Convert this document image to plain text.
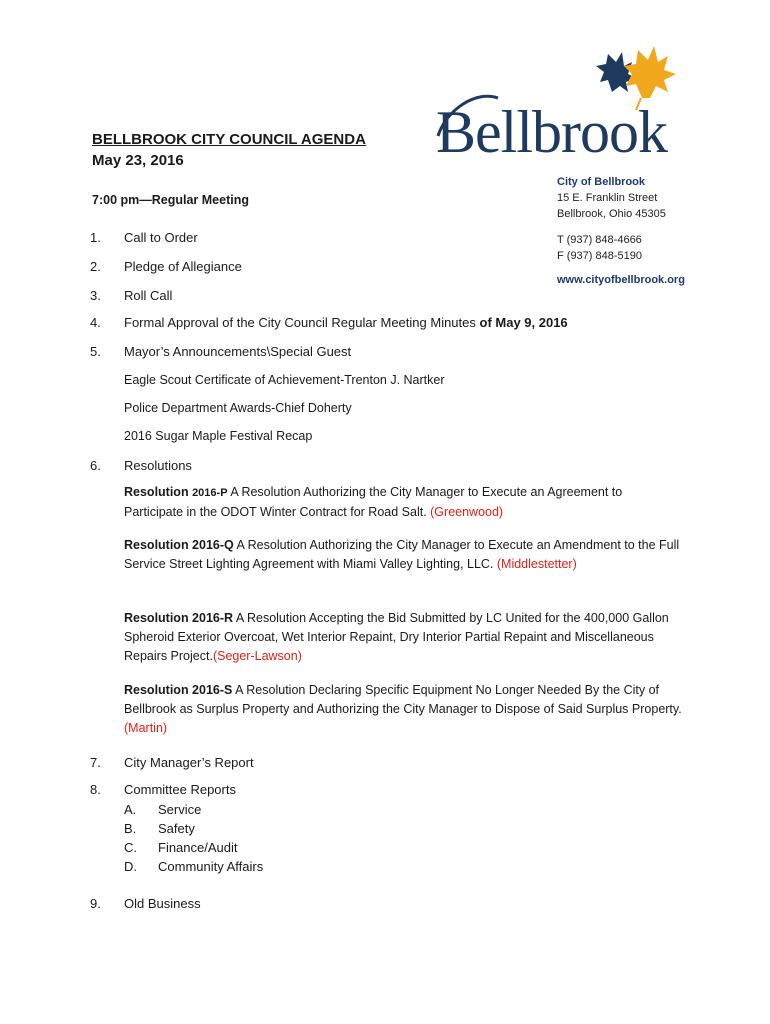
Bellbrook
BELLBROOK CITY COUNCIL AGENDA
May 23, 2016
City of Bellbrook
15 E. Franklin Street
Bellbrook, Ohio 45305
T (937) 848-4666
F (937) 848-5190
www.cityofbellbrook.org
7:00 pm—Regular Meeting
1.	Call to Order
2.	Pledge of Allegiance
3.	Roll Call
4.	Formal Approval of the City Council Regular Meeting Minutes of May 9, 2016
5.	Mayor’s Announcements\Special Guest
Eagle Scout Certificate of Achievement-Trenton J. Nartker
Police Department Awards-Chief Doherty
2016 Sugar Maple Festival Recap
6.	Resolutions
Resolution 2016-P A Resolution Authorizing the City Manager to Execute an Agreement to Participate in the ODOT Winter Contract for Road Salt. (Greenwood)
Resolution 2016-Q A Resolution Authorizing the City Manager to Execute an Amendment to the Full Service Street Lighting Agreement with Miami Valley Lighting, LLC. (Middlestetter)
Resolution 2016-R A Resolution Accepting the Bid Submitted by LC United for the 400,000 Gallon Spheroid Exterior Overcoat, Wet Interior Repaint, Dry Interior Partial Repaint and Miscellaneous Repairs Project.(Seger-Lawson)
Resolution 2016-S A Resolution Declaring Specific Equipment No Longer Needed By the City of Bellbrook as Surplus Property and Authorizing the City Manager to Dispose of Said Surplus Property. (Martin)
7.	City Manager’s Report
8.	Committee Reports
A. Service
B. Safety
C. Finance/Audit
D. Community Affairs
9.	Old Business
